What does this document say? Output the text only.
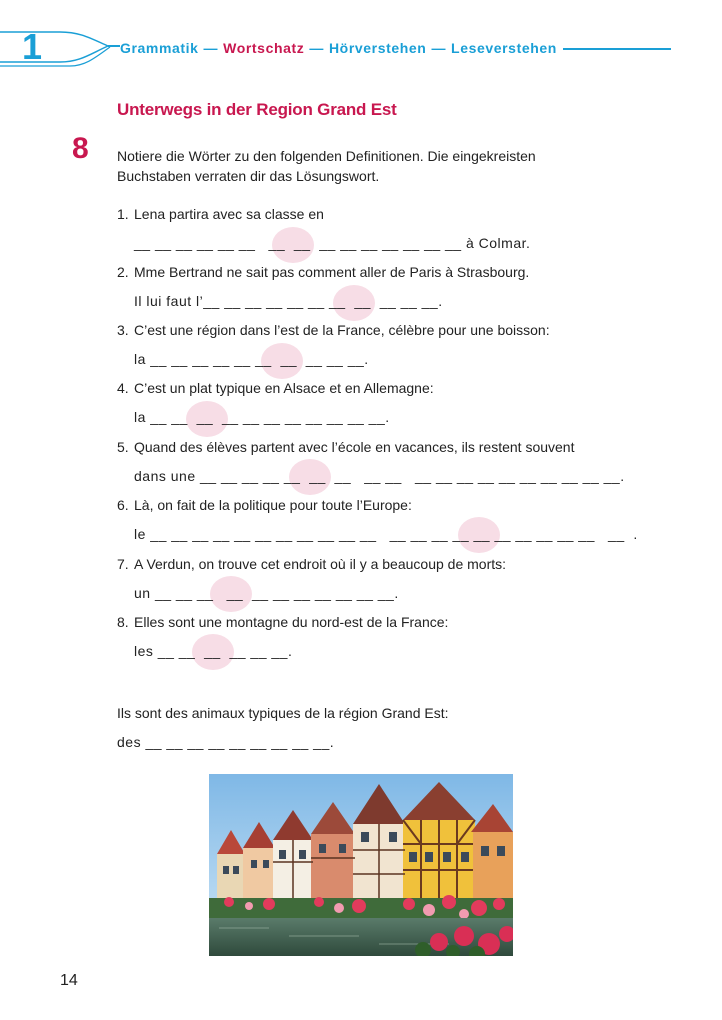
1	Grammatik — Wortschatz — Hörverstehen — Leseverstehen
Unterwegs in der Region Grand Est
8 Notiere die Wörter zu den folgenden Definitionen. Die eingekreisten Buchstaben verraten dir das Lösungswort.
1. Lena partira avec sa classe en
__ __ __ __ __ __   __  __  __ __ __ __ __ __ __ à Colmar.
2. Mme Bertrand ne sait pas comment aller de Paris à Strasbourg.
Il lui faut l’__ __ __ __ __ __ __  __  __ __ __.
3. C’est une région dans l’est de la France, célèbre pour une boisson:
la __ __ __ __ __ __  __  __ __ __.
4. C’est un plat typique en Alsace et en Allemagne:
la __ __  __  __ __ __ __ __ __ __ __.
5. Quand des élèves partent avec l’école en vacances, ils restent souvent
dans une __ __ __ __ __  __  __   __ __   __ __ __ __ __ __ __ __ __ __.
6. Là, on fait de la politique pour toute l’Europe:
le __ __ __ __ __ __ __ __ __ __ __   __ __ __ __ __ __ __ __ __ __   __  .
7. A Verdun, on trouve cet endroit où il y a beaucoup de morts:
un __ __ __   __  __ __ __ __ __ __ __.
8. Elles sont une montagne du nord-est de la France:
les __ __  __  __ __ __.
Ils sont des animaux typiques de la région Grand Est:
des __ __ __ __ __ __ __ __ __.
14
